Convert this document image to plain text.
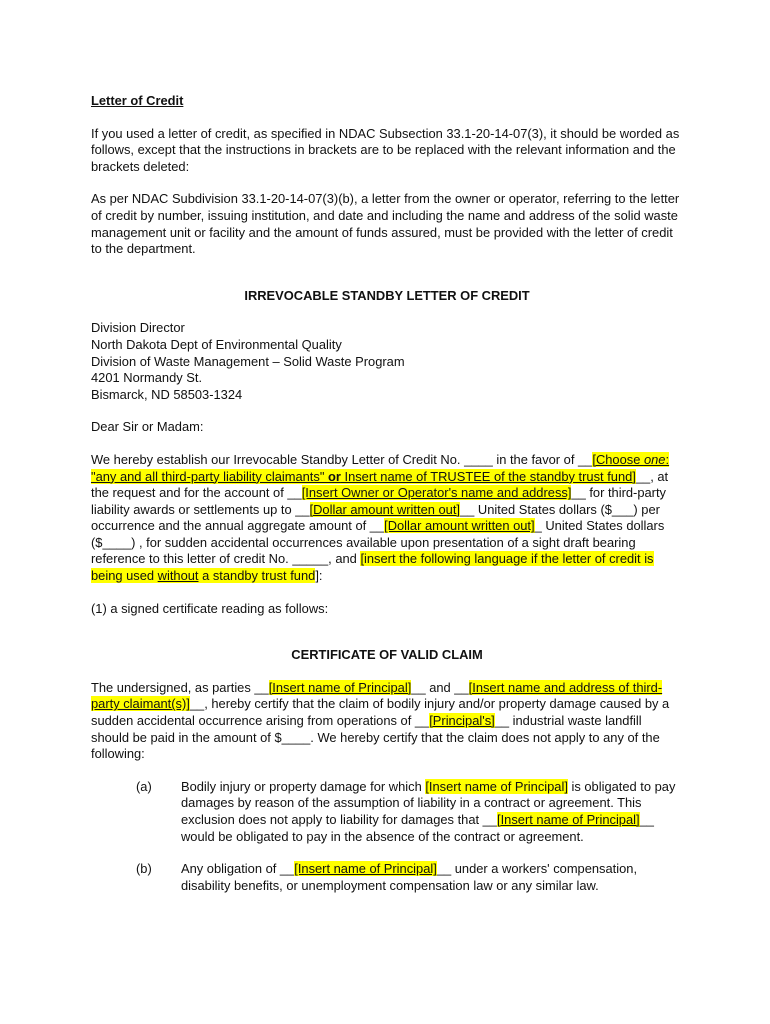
Letter of Credit

If you used a letter of credit, as specified in NDAC Subsection 33.1-20-14-07(3), it should be worded as follows, except that the instructions in brackets are to be replaced with the relevant information and the brackets deleted:

As per NDAC Subdivision 33.1-20-14-07(3)(b), a letter from the owner or operator, referring to the letter of credit by number, issuing institution, and date and including the name and address of the solid waste management unit or facility and the amount of funds assured, must be provided with the letter of credit to the department.

IRREVOCABLE STANDBY LETTER OF CREDIT

Division Director

North Dakota Dept of Environmental Quality

Division of Waste Management – Solid Waste Program

4201 Normandy St.

Bismarck, ND 58503-1324

Dear Sir or Madam:

We hereby establish our Irrevocable Standby Letter of Credit No. ____ in the favor of __[Choose one: "any and all third-party liability claimants" or Insert name of TRUSTEE of the standby trust fund]__, at the request and for the account of __[Insert Owner or Operator's name and address]__ for third-party liability awards or settlements up to __[Dollar amount written out]__ United States dollars ($___) per occurrence and the annual aggregate amount of __[Dollar amount written out]_ United States dollars ($____) , for sudden accidental occurrences available upon presentation of a sight draft bearing reference to this letter of credit No. _____, and [insert the following language if the letter of credit is being used without a standby trust fund]:

(1) a signed certificate reading as follows:

CERTIFICATE OF VALID CLAIM

The undersigned, as parties __[Insert name of Principal]__ and __[Insert name and address of third-party claimant(s)]__, hereby certify that the claim of bodily injury and/or property damage caused by a sudden accidental occurrence arising from operations of __[Principal's]__ industrial waste landfill should be paid in the amount of $____. We hereby certify that the claim does not apply to any of the following:

(a) Bodily injury or property damage for which [Insert name of Principal] is obligated to pay damages by reason of the assumption of liability in a contract or agreement. This exclusion does not apply to liability for damages that __[Insert name of Principal]__ would be obligated to pay in the absence of the contract or agreement.

(b) Any obligation of __[Insert name of Principal]__ under a workers' compensation, disability benefits, or unemployment compensation law or any similar law.
